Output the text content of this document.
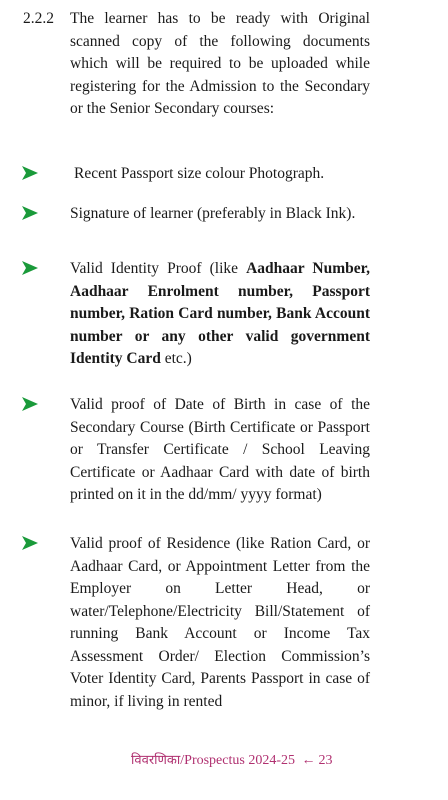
2.2.2 The learner has to be ready with Original scanned copy of the following documents which will be required to be uploaded while registering for the Admission to the Secondary or the Senior Secondary courses:
Recent Passport size colour Photograph.
Signature of learner (preferably in Black Ink).
Valid Identity Proof (like Aadhaar Number, Aadhaar Enrolment number, Passport number, Ration Card number, Bank Account number or any other valid government Identity Card etc.)
Valid proof of Date of Birth in case of the Secondary Course (Birth Certificate or Passport or Transfer Certificate / School Leaving Certificate or Aadhaar Card with date of birth printed on it in the dd/mm/ yyyy format)
Valid proof of Residence (like Ration Card, or Aadhaar Card, or Appointment Letter from the Employer on Letter Head, or water/Telephone/Electricity Bill/Statement of running Bank Account or Income Tax Assessment Order/ Election Commission’s Voter Identity Card, Parents Passport in case of minor, if living in rented
विवरणिका/Prospectus 2024-25 ← 23
